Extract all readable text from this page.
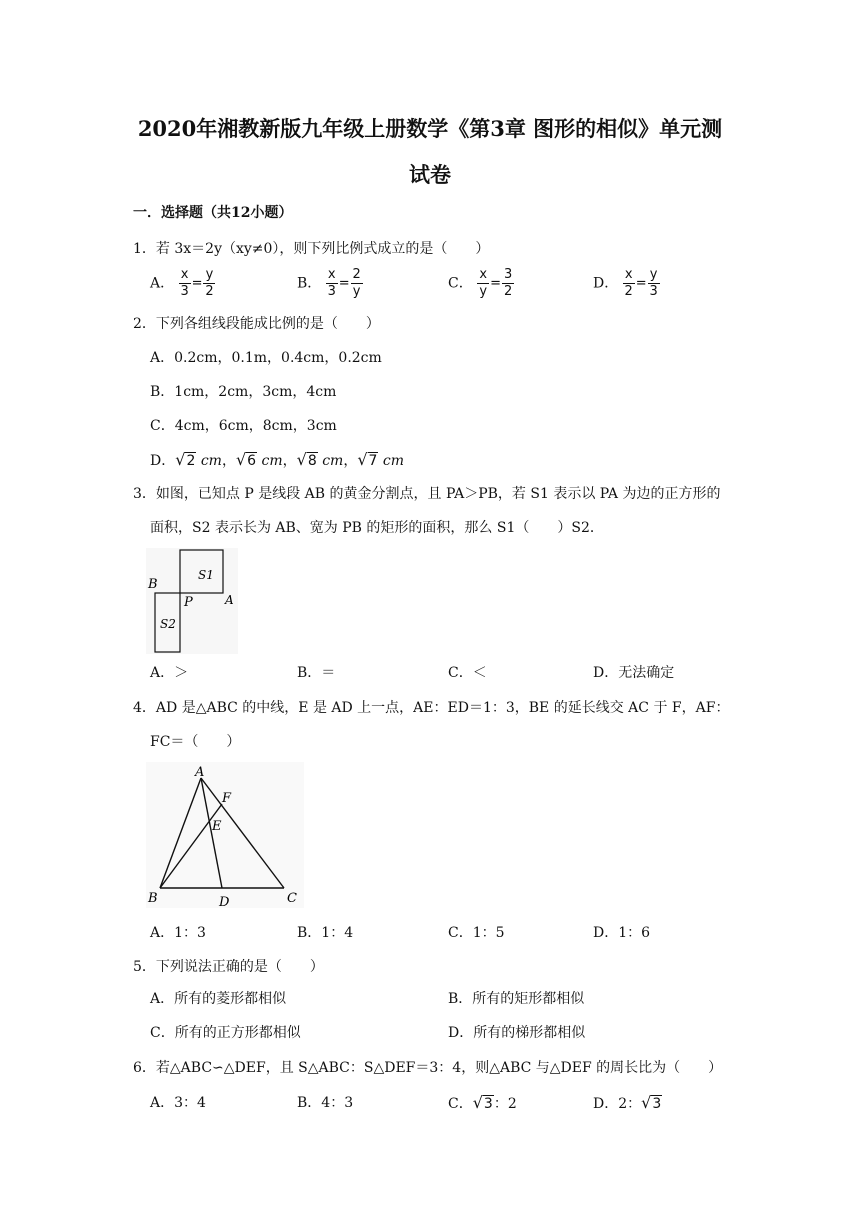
2020年湘教新版九年级上册数学《第3章 图形的相似》单元测
试卷
一．选择题（共12小题）
1．若 3x＝2y（xy≠0），则下列比例式成立的是（　　）
A． $\frac{x}{3} = \frac{y}{2}$	B． $\frac{x}{3} = \frac{2}{y}$	C． $\frac{x}{y} = \frac{3}{2}$	D． $\frac{x}{2} = \frac{y}{3}$
2．下列各组线段能成比例的是（　　）
A．0.2cm，0.1m，0.4cm，0.2cm
B．1cm，2cm，3cm，4cm
C．4cm，6cm，8cm，3cm
D．√2 cm，√6 cm，√8 cm，√7 cm
3．如图，已知点 P 是线段 AB 的黄金分割点，且 PA＞PB，若 S1 表示以 PA 为边的正方形的
面积，S2 表示长为 AB、宽为 PB 的矩形的面积，那么 S1（　　）S2．
B
P	A
S1
S2
A．＞	B．＝	C．＜	D．无法确定
4．AD 是△ABC 的中线，E 是 AD 上一点，AE：ED＝1：3，BE 的延长线交 AC 于 F，AF：
FC＝（　　）
A
F
E
B	D	C
A．1：3	B．1：4	C．1：5	D．1：6
5．下列说法正确的是（　　）
A．所有的菱形都相似	B．所有的矩形都相似
C．所有的正方形都相似	D．所有的梯形都相似
6．若△ABC∽△DEF，且 S△ABC：S△DEF＝3：4，则△ABC 与△DEF 的周长比为（　　）
A．3：4	B．4：3	C．√3：2	D．2：√3
